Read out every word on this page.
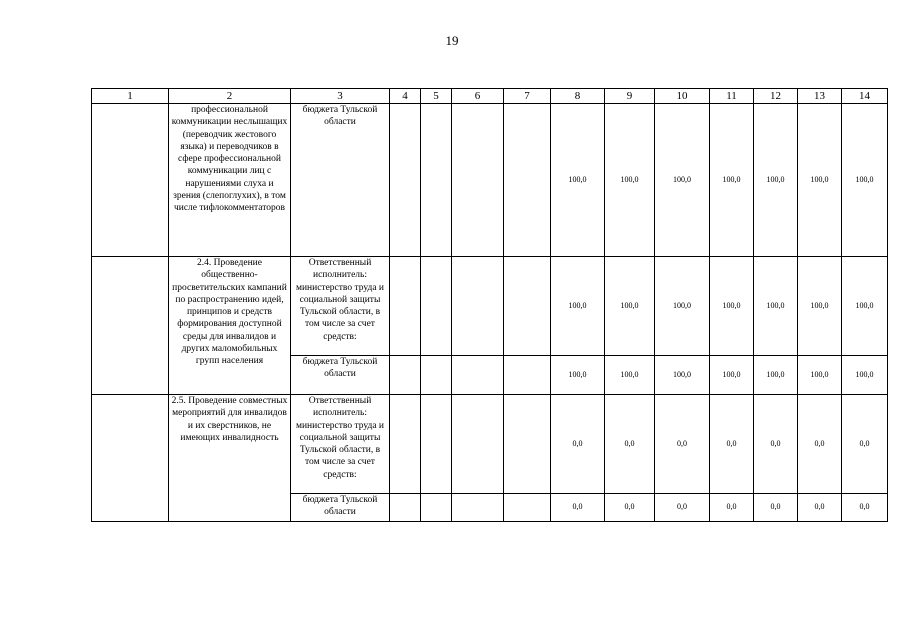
19
1	2	3	4	5	6	7	8	9	10	11	12	13	14
	профессиональной коммуникации неслышащих (переводчик жестового языка) и переводчиков в сфере профессиональной коммуникации лиц с нарушениями слуха и зрения (слепоглухих), в том числе тифлокомментаторов	бюджета Тульской области					100,0	100,0	100,0	100,0	100,0	100,0	100,0
	2.4. Проведение общественно-просветительских кампаний по распространению идей, принципов и средств формирования доступной среды для инвалидов и других маломобильных групп населения	Ответственный исполнитель: министерство труда и социальной защиты Тульской области, в том числе за счет средств:					100,0	100,0	100,0	100,0	100,0	100,0	100,0
		бюджета Тульской области					100,0	100,0	100,0	100,0	100,0	100,0	100,0
	2.5. Проведение совместных мероприятий для инвалидов и их сверстников, не имеющих инвалидность	Ответственный исполнитель: министерство труда и социальной защиты Тульской области, в том числе за счет средств:					0,0	0,0	0,0	0,0	0,0	0,0	0,0
		бюджета Тульской области					0,0	0,0	0,0	0,0	0,0	0,0	0,0
